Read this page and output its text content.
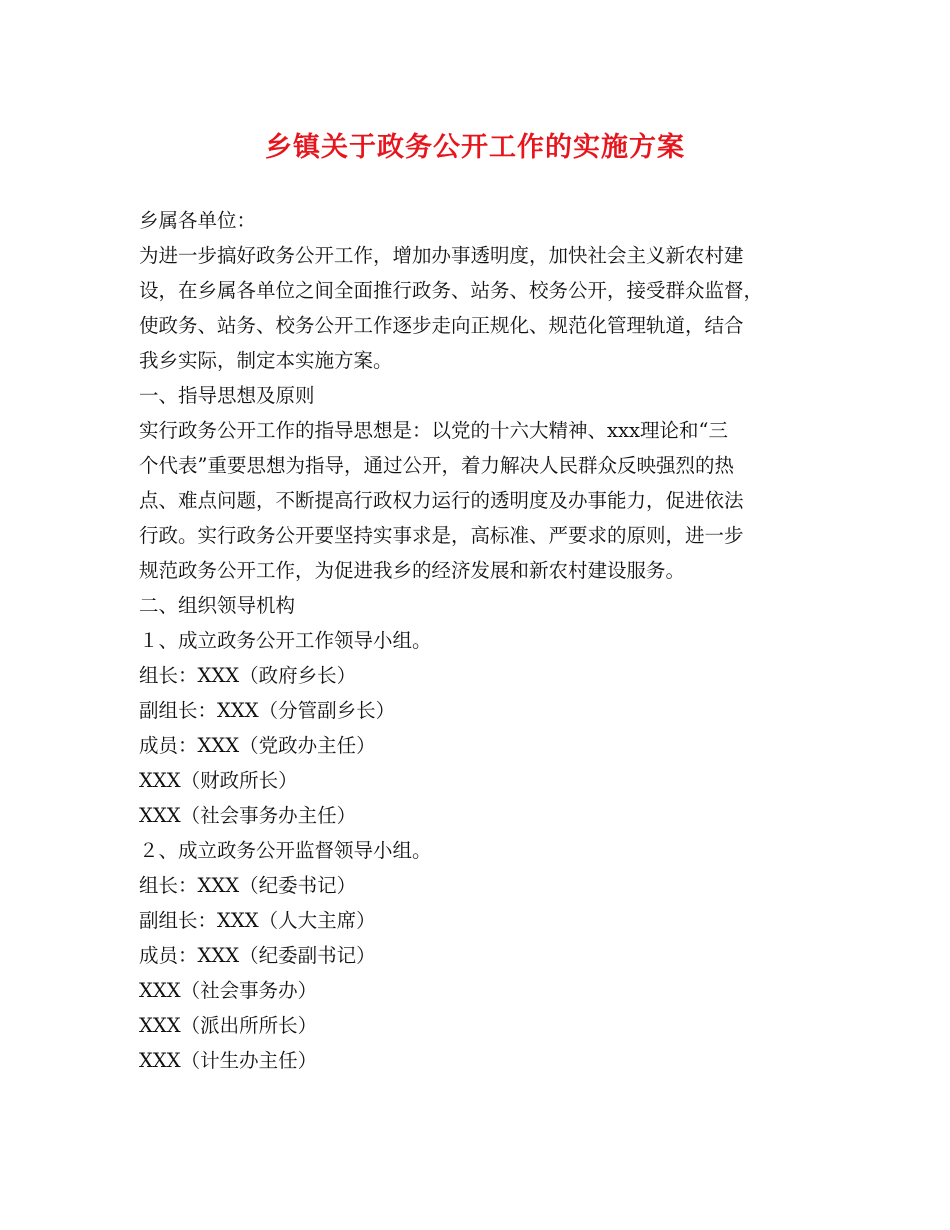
乡镇关于政务公开工作的实施方案
乡属各单位：
为进一步搞好政务公开工作，增加办事透明度，加快社会主义新农村建
设，在乡属各单位之间全面推行政务、站务、校务公开，接受群众监督，
使政务、站务、校务公开工作逐步走向正规化、规范化管理轨道，结合
我乡实际，制定本实施方案。
一、指导思想及原则
实行政务公开工作的指导思想是：以党的十六大精神、xxx理论和“三
个代表”重要思想为指导，通过公开，着力解决人民群众反映强烈的热
点、难点问题，不断提高行政权力运行的透明度及办事能力，促进依法
行政。实行政务公开要坚持实事求是，高标准、严要求的原则，进一步
规范政务公开工作，为促进我乡的经济发展和新农村建设服务。
二、组织领导机构
１、成立政务公开工作领导小组。
组长：XXX（政府乡长）
副组长：XXX（分管副乡长）
成员：XXX（党政办主任）
XXX（财政所长）
XXX（社会事务办主任）
２、成立政务公开监督领导小组。
组长：XXX（纪委书记）
副组长：XXX（人大主席）
成员：XXX（纪委副书记）
XXX（社会事务办）
XXX（派出所所长）
XXX（计生办主任）
